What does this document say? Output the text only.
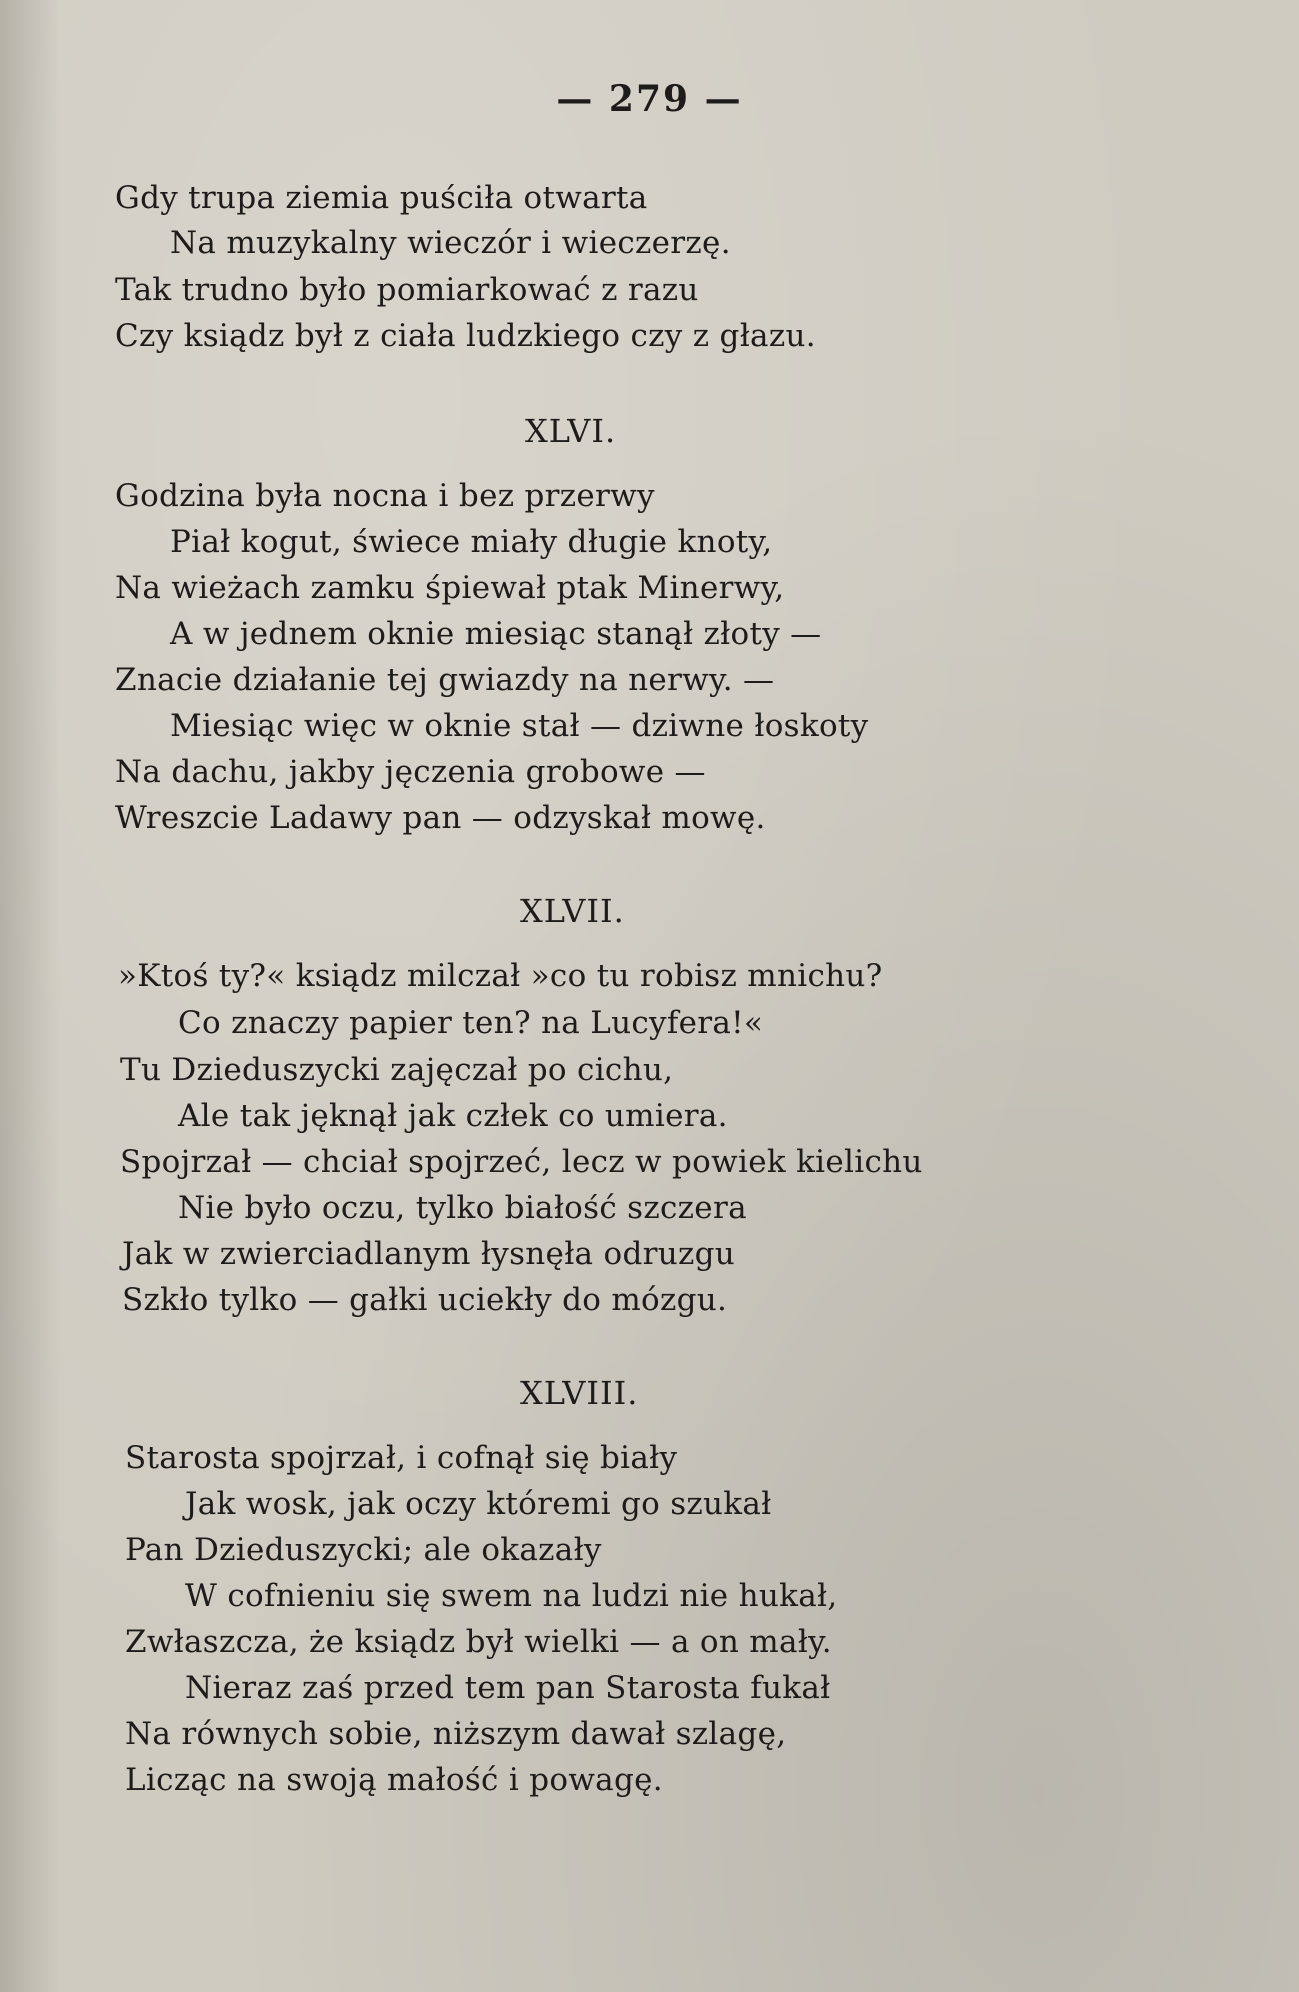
— 279 —
Gdy trupa ziemia puściła otwarta
Na muzykalny wieczór i wieczerzę.
Tak trudno było pomiarkować z razu
Czy ksiądz był z ciała ludzkiego czy z głazu.
XLVI.
Godzina była nocna i bez przerwy
Piał kogut, świece miały długie knoty,
Na wieżach zamku śpiewał ptak Minerwy,
A w jednem oknie miesiąc stanął złoty —
Znacie działanie tej gwiazdy na nerwy. —
Miesiąc więc w oknie stał — dziwne łoskoty
Na dachu, jakby jęczenia grobowe —
Wreszcie Ladawy pan — odzyskał mowę.
XLVII.
»Ktoś ty?« ksiądz milczał »co tu robisz mnichu?
Co znaczy papier ten? na Lucyfera!«
Tu Dzieduszycki zajęczał po cichu,
Ale tak jęknął jak człek co umiera.
Spojrzał — chciał spojrzeć, lecz w powiek kielichu
Nie było oczu, tylko białość szczera
Jak w zwierciadlanym łysnęła odruzgu
Szkło tylko — gałki uciekły do mózgu.
XLVIII.
Starosta spojrzał, i cofnął się biały
Jak wosk, jak oczy któremi go szukał
Pan Dzieduszycki; ale okazały
W cofnieniu się swem na ludzi nie hukał,
Zwłaszcza, że ksiądz był wielki — a on mały.
Nieraz zaś przed tem pan Starosta fukał
Na równych sobie, niższym dawał szlagę,
Licząc na swoją małość i powagę.
